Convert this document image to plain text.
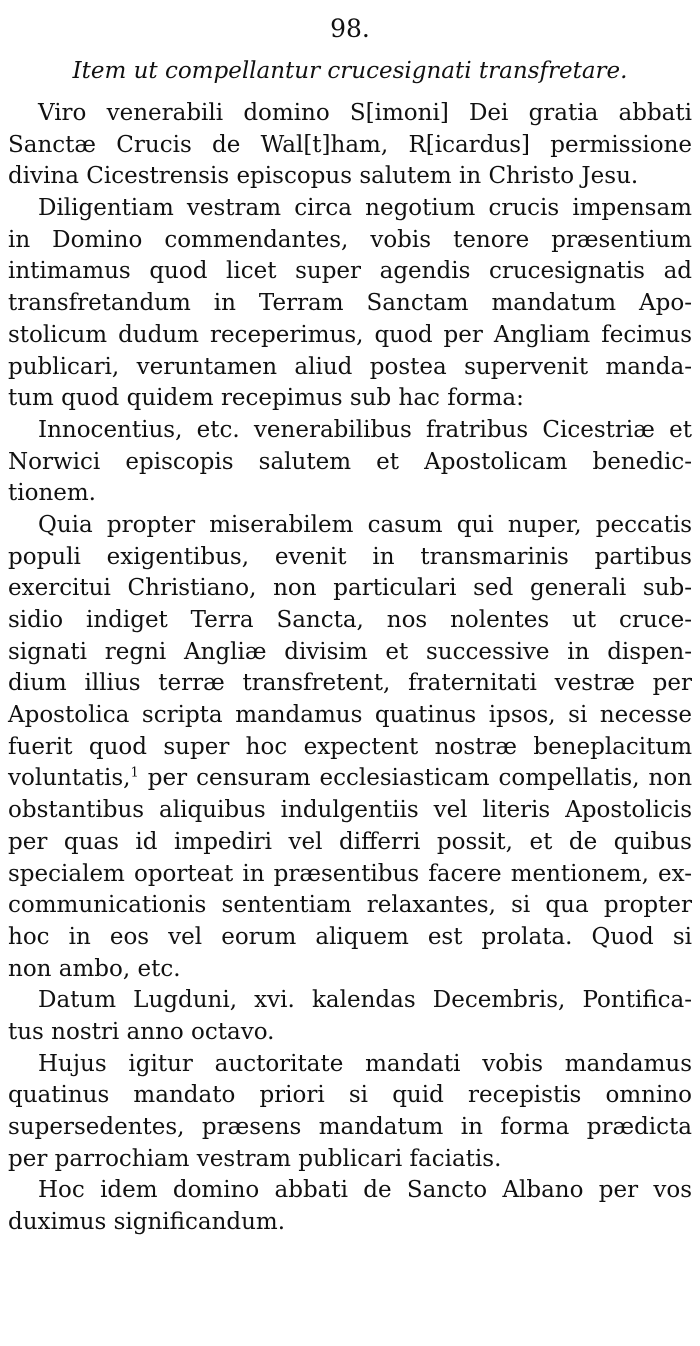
98.
Item ut compellantur crucesignati transfretare.
Viro venerabili domino S[imoni] Dei gratia abbati
Sanctæ Crucis de Wal[t]ham, R[icardus] permissione
divina Cicestrensis episcopus salutem in Christo Jesu.
Diligentiam vestram circa negotium crucis impensam
in Domino commendantes, vobis tenore præsentium
intimamus quod licet super agendis crucesignatis ad
transfretandum in Terram Sanctam mandatum Apo-
stolicum dudum receperimus, quod per Angliam fecimus
publicari, veruntamen aliud postea supervenit manda-
tum quod quidem recepimus sub hac forma:
Innocentius, etc. venerabilibus fratribus Cicestriæ et
Norwici episcopis salutem et Apostolicam benedic-
tionem.
Quia propter miserabilem casum qui nuper, peccatis
populi exigentibus, evenit in transmarinis partibus
exercitui Christiano, non particulari sed generali sub-
sidio indiget Terra Sancta, nos nolentes ut cruce-
signati regni Angliæ divisim et successive in dispen-
dium illius terræ transfretent, fraternitati vestræ per
Apostolica scripta mandamus quatinus ipsos, si necesse
fuerit quod super hoc expectent nostræ beneplacitum
voluntatis,$^1$ per censuram ecclesiasticam compellatis, non
obstantibus aliquibus indulgentiis vel literis Apostolicis
per quas id impediri vel differri possit, et de quibus
specialem oporteat in præsentibus facere mentionem, ex-
communicationis sententiam relaxantes, si qua propter
hoc in eos vel eorum aliquem est prolata. Quod si
non ambo, etc.
Datum Lugduni, xvi. kalendas Decembris, Pontifica-
tus nostri anno octavo.
Hujus igitur auctoritate mandati vobis mandamus
quatinus mandato priori si quid recepistis omnino
supersedentes, præsens mandatum in forma prædicta
per parrochiam vestram publicari faciatis.
Hoc idem domino abbati de Sancto Albano per vos
duximus significandum.
